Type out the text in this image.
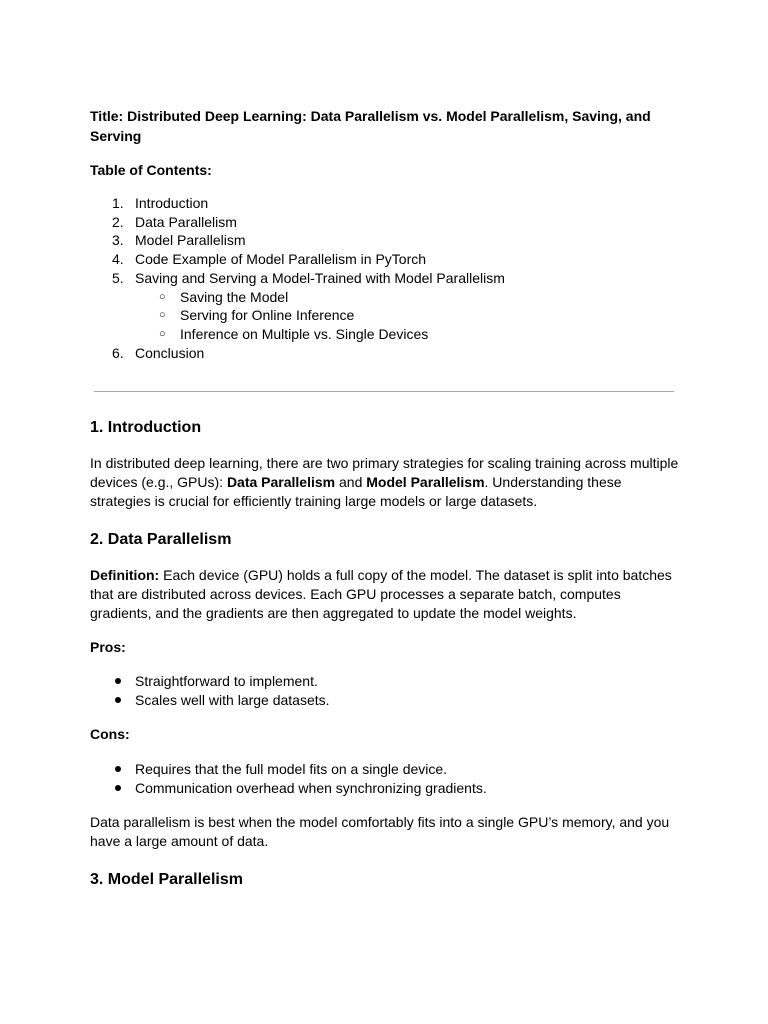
Title: Distributed Deep Learning: Data Parallelism vs. Model Parallelism, Saving, and Serving

Table of Contents:

1. Introduction
2. Data Parallelism
3. Model Parallelism
4. Code Example of Model Parallelism in PyTorch
5. Saving and Serving a Model-Trained with Model Parallelism
○ Saving the Model
○ Serving for Online Inference
○ Inference on Multiple vs. Single Devices
6. Conclusion
1. Introduction

In distributed deep learning, there are two primary strategies for scaling training across multiple devices (e.g., GPUs): Data Parallelism and Model Parallelism. Understanding these strategies is crucial for efficiently training large models or large datasets.

2. Data Parallelism

Definition: Each device (GPU) holds a full copy of the model. The dataset is split into batches that are distributed across devices. Each GPU processes a separate batch, computes gradients, and the gradients are then aggregated to update the model weights.

Pros:

Straightforward to implement.
Scales well with large datasets.

Cons:

Requires that the full model fits on a single device.
Communication overhead when synchronizing gradients.

Data parallelism is best when the model comfortably fits into a single GPU’s memory, and you have a large amount of data.

3. Model Parallelism
